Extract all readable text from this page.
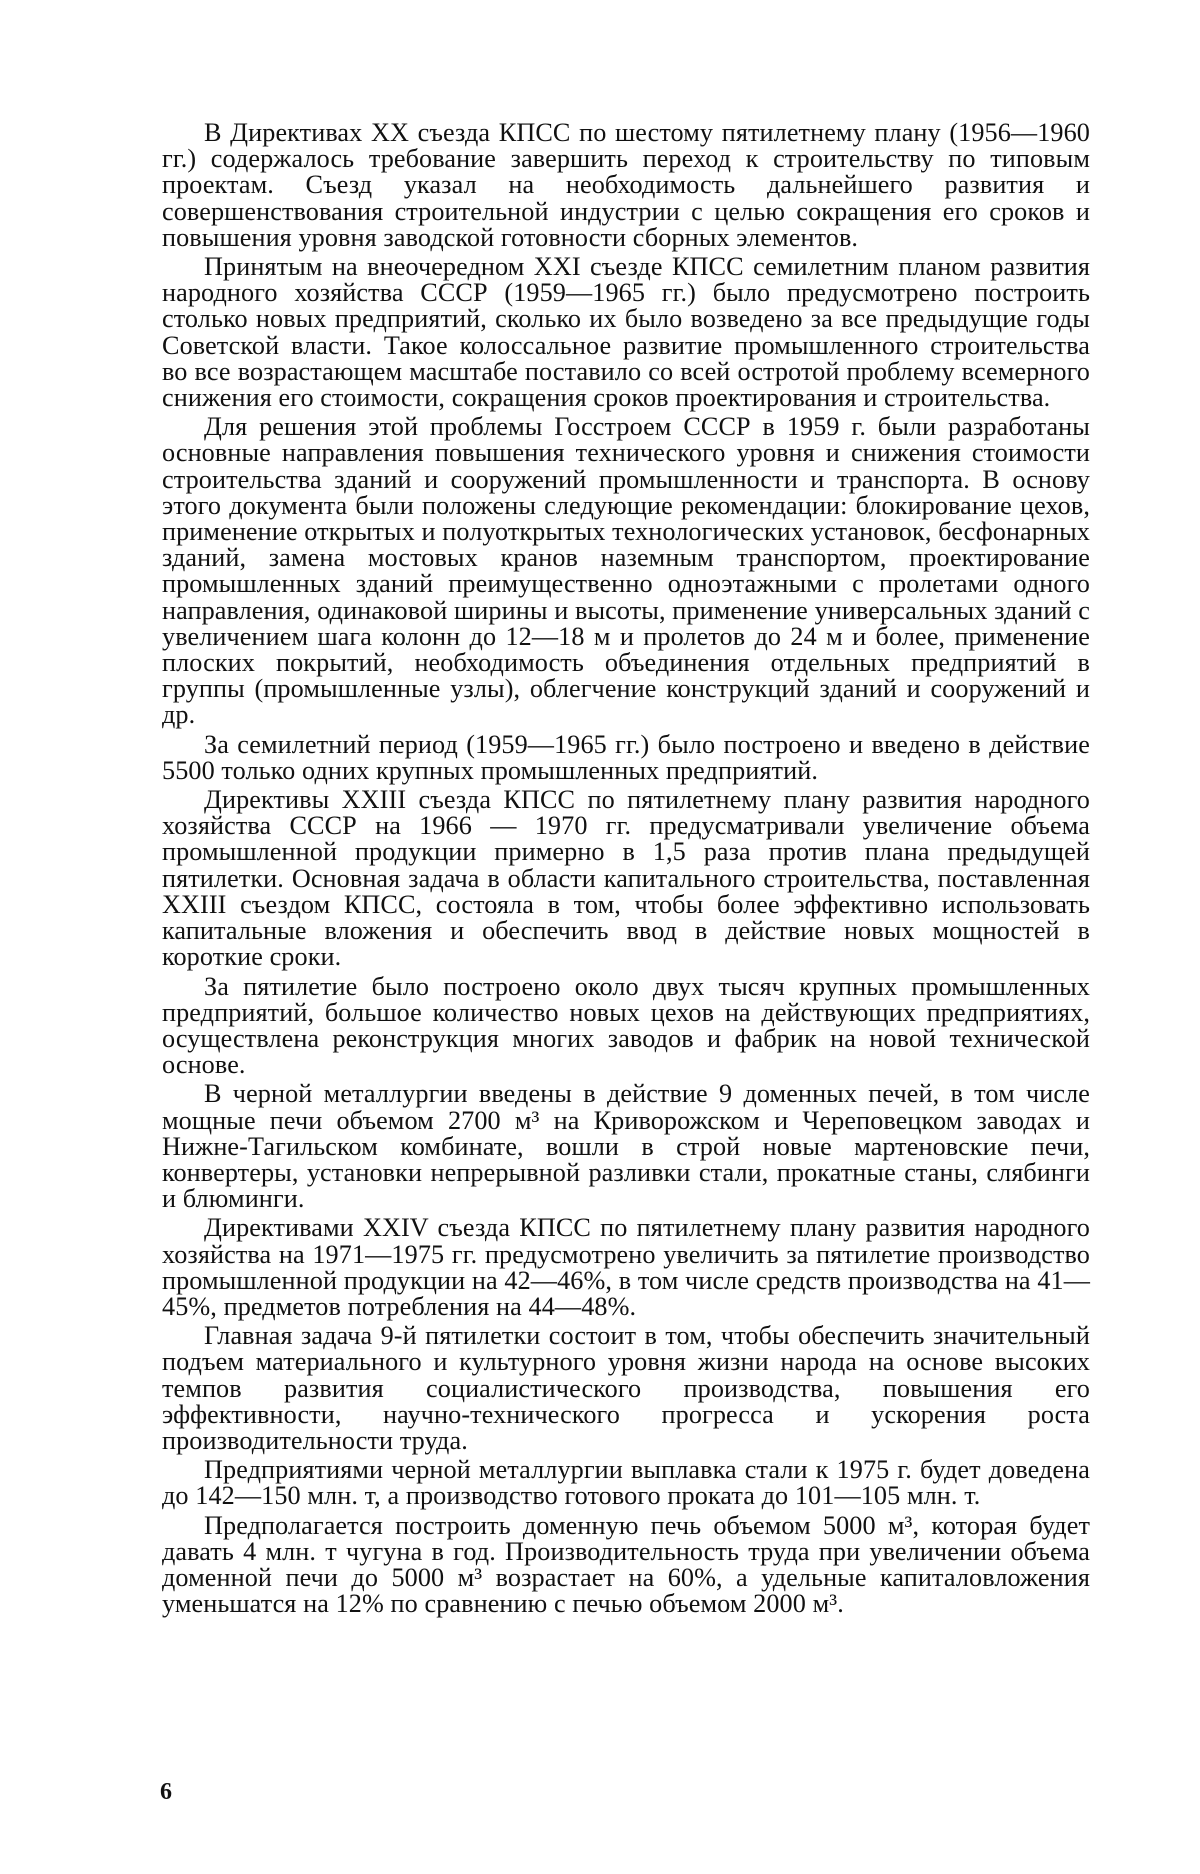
В Директивах XX съезда КПСС по шестому пятилетнему плану (1956—1960 гг.) содержалось требование завершить переход к строительству по типовым проектам. Съезд указал на необходимость дальнейшего развития и совершенствования строительной индустрии с целью сокращения его сроков и повышения уровня заводской готовности сборных элементов.

Принятым на внеочередном XXI съезде КПСС семилетним планом развития народного хозяйства СССР (1959—1965 гг.) было предусмотрено построить столько новых предприятий, сколько их было возведено за все предыдущие годы Советской власти. Такое колоссальное развитие промышленного строительства во все возрастающем масштабе поставило со всей остротой проблему всемерного снижения его стоимости, сокращения сроков проектирования и строительства.

Для решения этой проблемы Госстроем СССР в 1959 г. были разработаны основные направления повышения технического уровня и снижения стоимости строительства зданий и сооружений промышленности и транспорта. В основу этого документа были положены следующие рекомендации: блокирование цехов, применение открытых и полуоткрытых технологических установок, бесфонарных зданий, замена мостовых кранов наземным транспортом, проектирование промышленных зданий преимущественно одноэтажными с пролетами одного направления, одинаковой ширины и высоты, применение универсальных зданий с увеличением шага колонн до 12—18 м и пролетов до 24 м и более, применение плоских покрытий, необходимость объединения отдельных предприятий в группы (промышленные узлы), облегчение конструкций зданий и сооружений и др.

За семилетний период (1959—1965 гг.) было построено и введено в действие 5500 только одних крупных промышленных предприятий.

Директивы XXIII съезда КПСС по пятилетнему плану развития народного хозяйства СССР на 1966 — 1970 гг. предусматривали увеличение объема промышленной продукции примерно в 1,5 раза против плана предыдущей пятилетки. Основная задача в области капитального строительства, поставленная XXIII съездом КПСС, состояла в том, чтобы более эффективно использовать капитальные вложения и обеспечить ввод в действие новых мощностей в короткие сроки.

За пятилетие было построено около двух тысяч крупных промышленных предприятий, большое количество новых цехов на действующих предприятиях, осуществлена реконструкция многих заводов и фабрик на новой технической основе.

В черной металлургии введены в действие 9 доменных печей, в том числе мощные печи объемом 2700 м³ на Криворожском и Череповецком заводах и Нижне-Тагильском комбинате, вошли в строй новые мартеновские печи, конвертеры, установки непрерывной разливки стали, прокатные станы, слябинги и блюминги.

Директивами XXIV съезда КПСС по пятилетнему плану развития народного хозяйства на 1971—1975 гг. предусмотрено увеличить за пятилетие производство промышленной продукции на 42—46%, в том числе средств производства на 41—45%, предметов потребления на 44—48%.

Главная задача 9-й пятилетки состоит в том, чтобы обеспечить значительный подъем материального и культурного уровня жизни народа на основе высоких темпов развития социалистического производства, повышения его эффективности, научно-технического прогресса и ускорения роста производительности труда.

Предприятиями черной металлургии выплавка стали к 1975 г. будет доведена до 142—150 млн. т, а производство готового проката до 101—105 млн. т.

Предполагается построить доменную печь объемом 5000 м³, которая будет давать 4 млн. т чугуна в год. Производительность труда при увеличении объема доменной печи до 5000 м³ возрастает на 60%, а удельные капиталовложения уменьшатся на 12% по сравнению с печью объемом 2000 м³.

6
